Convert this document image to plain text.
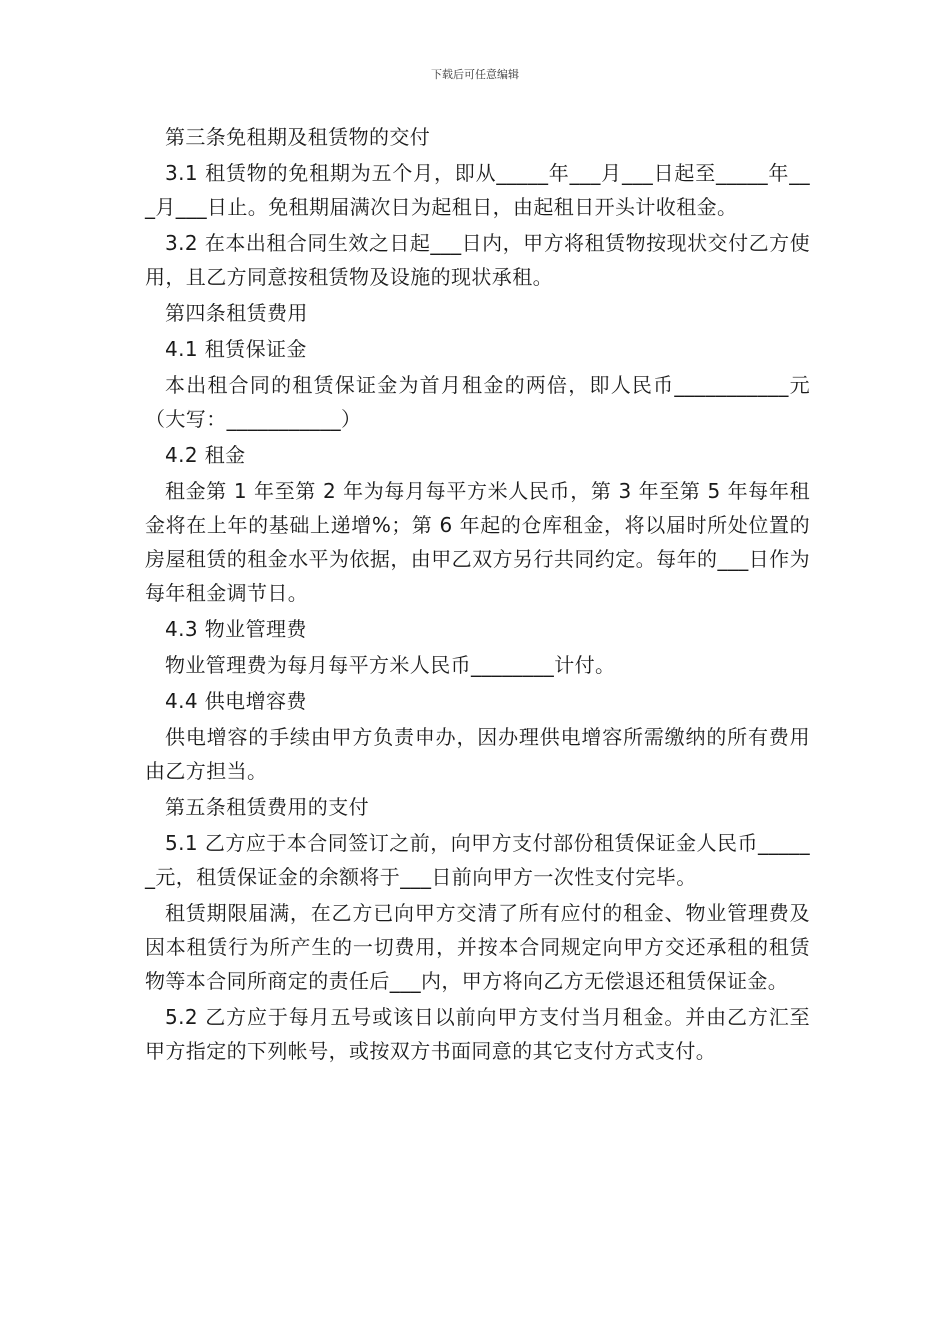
下载后可任意编辑

第三条免租期及租赁物的交付

3.1 租赁物的免租期为五个月，即从_____年___月___日起至_____年___月___日止。免租期届满次日为起租日，由起租日开头计收租金。

3.2 在本出租合同生效之日起___日内，甲方将租赁物按现状交付乙方使用，且乙方同意按租赁物及设施的现状承租。

第四条租赁费用

4.1 租赁保证金

本出租合同的租赁保证金为首月租金的两倍，即人民币___________元（大写：___________）

4.2 租金

租金第 1 年至第 2 年为每月每平方米人民币，第 3 年至第 5 年每年租金将在上年的基础上递增%；第 6 年起的仓库租金，将以届时所处位置的房屋租赁的租金水平为依据，由甲乙双方另行共同约定。每年的___日作为每年租金调节日。

4.3 物业管理费

物业管理费为每月每平方米人民币________计付。

4.4 供电增容费

供电增容的手续由甲方负责申办，因办理供电增容所需缴纳的所有费用由乙方担当。

第五条租赁费用的支付

5.1 乙方应于本合同签订之前，向甲方支付部份租赁保证金人民币______元，租赁保证金的余额将于___日前向甲方一次性支付完毕。

租赁期限届满，在乙方已向甲方交清了所有应付的租金、物业管理费及因本租赁行为所产生的一切费用，并按本合同规定向甲方交还承租的租赁物等本合同所商定的责任后___内，甲方将向乙方无偿退还租赁保证金。

5.2 乙方应于每月五号或该日以前向甲方支付当月租金。并由乙方汇至甲方指定的下列帐号，或按双方书面同意的其它支付方式支付。
